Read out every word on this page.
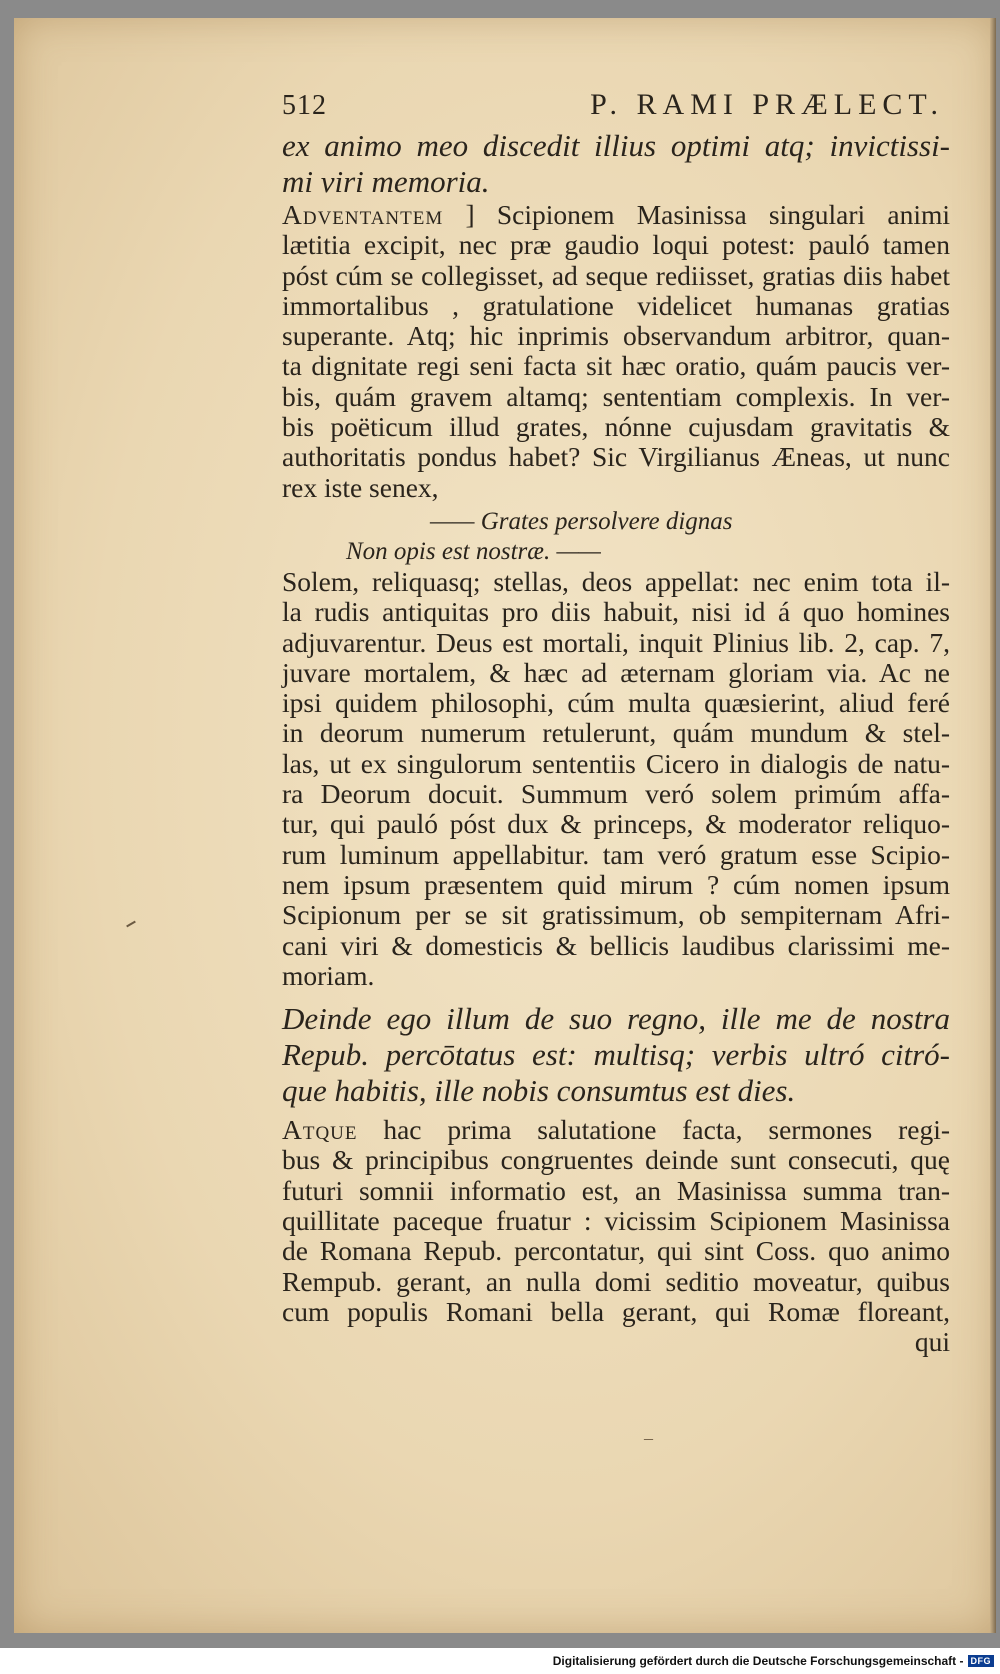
512	P. RAMI PRÆLECT.
ex animo meo discedit illius optimi atq; invictissi-
mi viri memoria.
Adventantem ] Scipionem Masinissa singulari animi
lætitia excipit, nec præ gaudio loqui potest: pauló tamen
póst cúm se collegisset, ad seque rediisset, gratias diis habet
immortalibus , gratulatione videlicet humanas gratias
superante. Atq; hic inprimis observandum arbitror, quan-
ta dignitate regi seni facta sit hæc oratio, quám paucis ver-
bis, quám gravem altamq; sententiam complexis. In ver-
bis poëticum illud grates, nónne cujusdam gravitatis &
authoritatis pondus habet? Sic Virgilianus Æneas, ut nunc
rex iste senex,
—— Grates persolvere dignas
Non opis est nostræ. ——
Solem, reliquasq; stellas, deos appellat: nec enim tota il-
la rudis antiquitas pro diis habuit, nisi id á quo homines
adjuvarentur. Deus est mortali, inquit Plinius lib. 2, cap. 7,
juvare mortalem, & hæc ad æternam gloriam via. Ac ne
ipsi quidem philosophi, cúm multa quæsierint, aliud feré
in deorum numerum retulerunt, quám mundum & stel-
las, ut ex singulorum sententiis Cicero in dialogis de natu-
ra Deorum docuit. Summum veró solem primúm affa-
tur, qui pauló póst dux & princeps, & moderator reliquo-
rum luminum appellabitur. tam veró gratum esse Scipio-
nem ipsum præsentem quid mirum ? cúm nomen ipsum
Scipionum per se sit gratissimum, ob sempiternam Afri-
cani viri & domesticis & bellicis laudibus clarissimi me-
moriam.
Deinde ego illum de suo regno, ille me de nostra
Repub. percōtatus est: multisq; verbis ultró citró-
que habitis, ille nobis consumtus est dies.
Atque hac prima salutatione facta, sermones regi-
bus & principibus congruentes deinde sunt consecuti, quę
futuri somnii informatio est, an Masinissa summa tran-
quillitate paceque fruatur : vicissim Scipionem Masinissa
de Romana Repub. percontatur, qui sint Coss. quo animo
Rempub. gerant, an nulla domi seditio moveatur, quibus
cum populis Romani bella gerant, qui Romæ floreant,
qui
–
Digitalisierung gefördert durch die Deutsche Forschungsgemeinschaft - DFG
